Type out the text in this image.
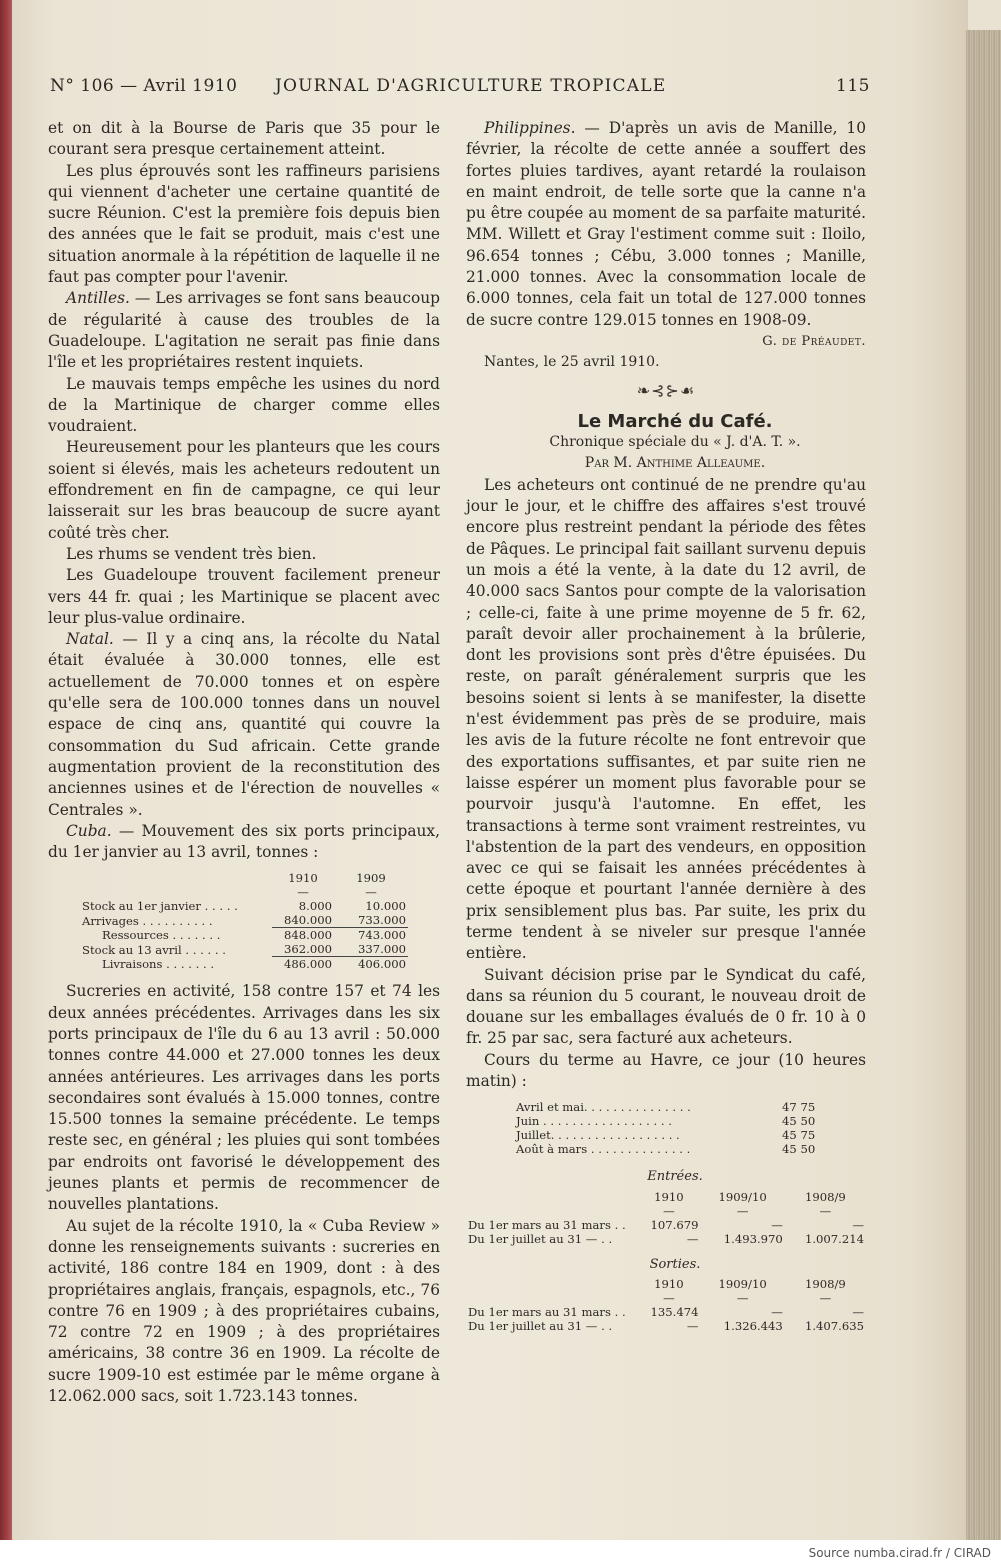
N° 106 — Avril 1910 JOURNAL D'AGRICULTURE TROPICALE	115

et on dit à la Bourse de Paris que 35 pour le courant sera presque certainement atteint.

Les plus éprouvés sont les raffineurs parisiens qui viennent d'acheter une certaine quantité de sucre Réunion. C'est la première fois depuis bien des années que le fait se produit, mais c'est une situation anormale à la répétition de laquelle il ne faut pas compter pour l'avenir.

Antilles. — Les arrivages se font sans beaucoup de régularité à cause des troubles de la Guadeloupe. L'agitation ne serait pas finie dans l'île et les propriétaires restent inquiets.

Le mauvais temps empêche les usines du nord de la Martinique de charger comme elles voudraient.

Heureusement pour les planteurs que les cours soient si élevés, mais les acheteurs redoutent un effondrement en fin de campagne, ce qui leur laisserait sur les bras beaucoup de sucre ayant coûté très cher.

Les rhums se vendent très bien.

Les Guadeloupe trouvent facilement preneur vers 44 fr. quai ; les Martinique se placent avec leur plus-value ordinaire.

Natal. — Il y a cinq ans, la récolte du Natal était évaluée à 30.000 tonnes, elle est actuellement de 70.000 tonnes et on espère qu'elle sera de 100.000 tonnes dans un nouvel espace de cinq ans, quantité qui couvre la consommation du Sud africain. Cette grande augmentation provient de la reconstitution des anciennes usines et de l'érection de nouvelles « Centrales ».

Cuba. — Mouvement des six ports principaux, du 1er janvier au 13 avril, tonnes :

	1910	1909
	—	—
Stock au 1er janvier . . . . .	8.000	10.000
Arrivages . . . . . . . . . .	840.000	733.000
Ressources . . . . . . .	848.000	743.000
Stock au 13 avril . . . . . .	362.000	337.000
Livraisons . . . . . . .	486.000	406.000

Sucreries en activité, 158 contre 157 et 74 les deux années précédentes. Arrivages dans les six ports principaux de l'île du 6 au 13 avril : 50.000 tonnes contre 44.000 et 27.000 tonnes les deux années antérieures. Les arrivages dans les ports secondaires sont évalués à 15.000 tonnes, contre 15.500 tonnes la semaine précédente. Le temps reste sec, en général ; les pluies qui sont tombées par endroits ont favorisé le développement des jeunes plants et permis de recommencer de nouvelles plantations.

Au sujet de la récolte 1910, la « Cuba Review » donne les renseignements suivants : sucreries en activité, 186 contre 184 en 1909, dont : à des propriétaires anglais, français, espagnols, etc., 76 contre 76 en 1909 ; à des propriétaires cubains, 72 contre 72 en 1909 ; à des propriétaires américains, 38 contre 36 en 1909. La récolte de sucre 1909-10 est estimée par le même organe à 12.062.000 sacs, soit 1.723.143 tonnes.

Philippines. — D'après un avis de Manille, 10 février, la récolte de cette année a souffert des fortes pluies tardives, ayant retardé la roulaison en maint endroit, de telle sorte que la canne n'a pu être coupée au moment de sa parfaite maturité. MM. Willett et Gray l'estiment comme suit : Iloilo, 96.654 tonnes ; Cébu, 3.000 tonnes ; Manille, 21.000 tonnes. Avec la consommation locale de 6.000 tonnes, cela fait un total de 127.000 tonnes de sucre contre 129.015 tonnes en 1908-09.

G. de Préaudet.

Nantes, le 25 avril 1910.

❧⊰⊱☙

Le Marché du Café.

Chronique spéciale du « J. d'A. T. ».

Par M. Anthime Alleaume.

Les acheteurs ont continué de ne prendre qu'au jour le jour, et le chiffre des affaires s'est trouvé encore plus restreint pendant la période des fêtes de Pâques. Le principal fait saillant survenu depuis un mois a été la vente, à la date du 12 avril, de 40.000 sacs Santos pour compte de la valorisation ; celle-ci, faite à une prime moyenne de 5 fr. 62, paraît devoir aller prochainement à la brûlerie, dont les provisions sont près d'être épuisées. Du reste, on paraît généralement surpris que les besoins soient si lents à se manifester, la disette n'est évidemment pas près de se produire, mais les avis de la future récolte ne font entrevoir que des exportations suffisantes, et par suite rien ne laisse espérer un moment plus favorable pour se pourvoir jusqu'à l'automne. En effet, les transactions à terme sont vraiment restreintes, vu l'abstention de la part des vendeurs, en opposition avec ce qui se faisait les années précédentes à cette époque et pourtant l'année dernière à des prix sensiblement plus bas. Par suite, les prix du terme tendent à se niveler sur presque l'année entière.

Suivant décision prise par le Syndicat du café, dans sa réunion du 5 courant, le nouveau droit de douane sur les emballages évalués de 0 fr. 10 à 0 fr. 25 par sac, sera facturé aux acheteurs.

Cours du terme au Havre, ce jour (10 heures matin) :

Avril et mai. . . . . . . . . . . . . . .	47 75
Juin . . . . . . . . . . . . . . . . . .	45 50
Juillet. . . . . . . . . . . . . . . . . .	45 75
Août à mars . . . . . . . . . . . . . .	45 50

Entrées.

	1910	1909/10	1908/9
	—	—	—
Du 1er mars au 31 mars . .	107.679	—	—
Du 1er juillet au 31 — . .	—	1.493.970	1.007.214

Sorties.

	1910	1909/10	1908/9
	—	—	—
Du 1er mars au 31 mars . .	135.474	—	—
Du 1er juillet au 31 — . .	—	1.326.443	1.407.635
Source numba.cirad.fr / CIRAD
